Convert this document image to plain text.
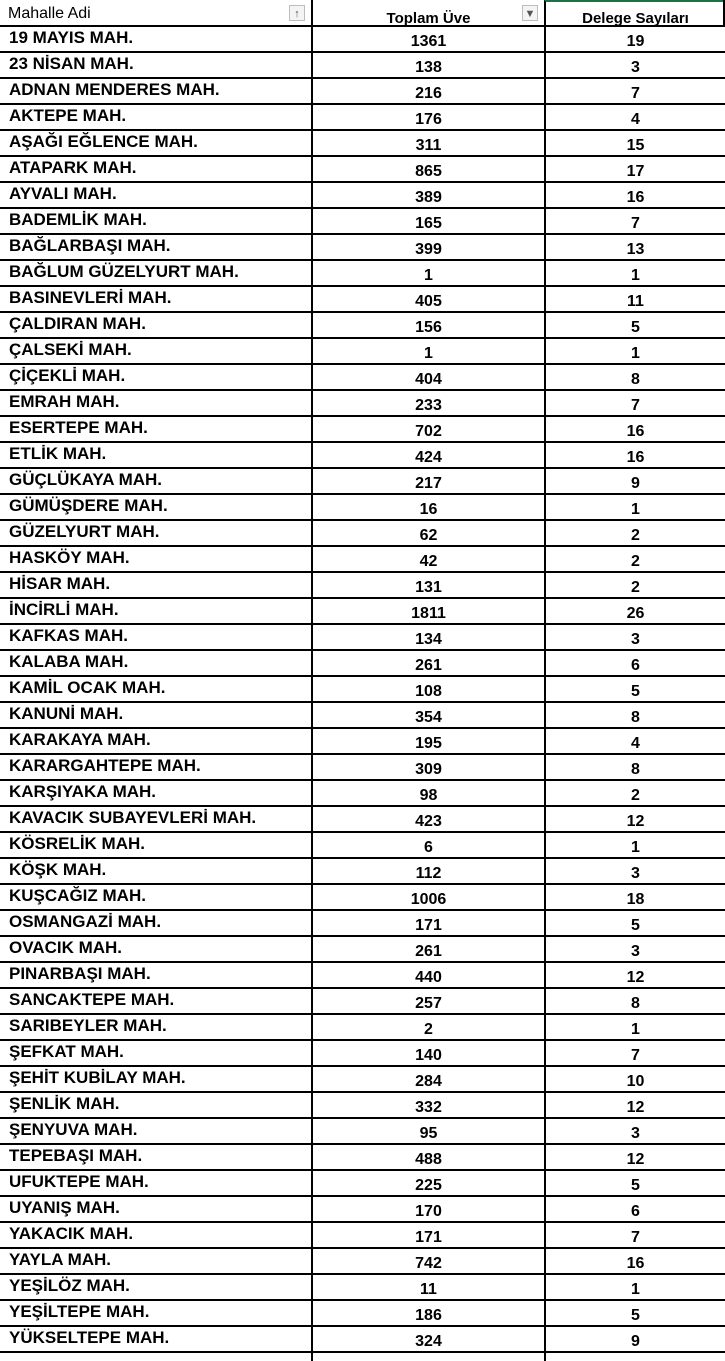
Mahalle Adi	↑	Toplam Üve	▼	Delege Sayıları
19 MAYIS MAH.	1361	19
23 NİSAN MAH.	138	3
ADNAN MENDERES MAH.	216	7
AKTEPE MAH.	176	4
AŞAĞI EĞLENCE MAH.	311	15
ATAPARK MAH.	865	17
AYVALI MAH.	389	16
BADEMLİK MAH.	165	7
BAĞLARBAŞI MAH.	399	13
BAĞLUM GÜZELYURT MAH.	1	1
BASINEVLERİ MAH.	405	11
ÇALDIRAN MAH.	156	5
ÇALSEKİ MAH.	1	1
ÇİÇEKLİ MAH.	404	8
EMRAH MAH.	233	7
ESERTEPE MAH.	702	16
ETLİK MAH.	424	16
GÜÇLÜKAYA MAH.	217	9
GÜMÜŞDERE MAH.	16	1
GÜZELYURT MAH.	62	2
HASKÖY MAH.	42	2
HİSAR MAH.	131	2
İNCİRLİ MAH.	1811	26
KAFKAS MAH.	134	3
KALABA MAH.	261	6
KAMİL OCAK MAH.	108	5
KANUNİ MAH.	354	8
KARAKAYA MAH.	195	4
KARARGAHTEPE MAH.	309	8
KARŞIYAKA MAH.	98	2
KAVACIK SUBAYEVLERİ MAH.	423	12
KÖSRELİK MAH.	6	1
KÖŞK MAH.	112	3
KUŞCAĞIZ MAH.	1006	18
OSMANGAZİ MAH.	171	5
OVACIK MAH.	261	3
PINARBAŞI MAH.	440	12
SANCAKTEPE MAH.	257	8
SARIBEYLER MAH.	2	1
ŞEFKAT MAH.	140	7
ŞEHİT KUBİLAY MAH.	284	10
ŞENLİK MAH.	332	12
ŞENYUVA MAH.	95	3
TEPEBAŞI MAH.	488	12
UFUKTEPE MAH.	225	5
UYANIŞ MAH.	170	6
YAKACIK MAH.	171	7
YAYLA MAH.	742	16
YEŞİLÖZ MAH.	11	1
YEŞİLTEPE MAH.	186	5
YÜKSELTEPE MAH.	324	9
